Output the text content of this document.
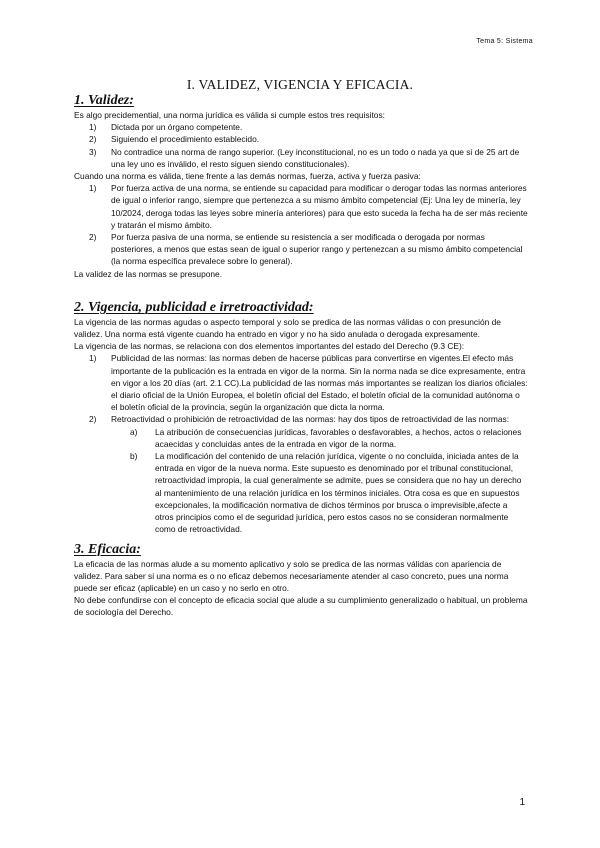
Tema 5: Sistema
I. VALIDEZ, VIGENCIA Y EFICACIA.
1. Validez:

Es algo precidemential, una norma jurídica es válida si cumple estos tres requisitos:

1) Dictada por un órgano competente.
2) Siguiendo el procedimiento establecido.
3) No contradice una norma de rango superior. (Ley inconstitucional, no es un todo o nada ya que si de 25 art de una ley uno es inválido, el resto siguen siendo constitucionales).

Cuando una norma es válida, tiene frente a las demás normas, fuerza, activa y fuerza pasiva:

1) Por fuerza activa de una norma, se entiende su capacidad para modificar o derogar todas las normas anteriores de igual o inferior rango, siempre que pertenezca a su mismo ámbito competencial (Ej: Una ley de minería, ley 10/2024, deroga todas las leyes sobre minería anteriores) para que esto suceda la fecha ha de ser más reciente y tratarán el mismo ámbito.
2) Por fuerza pasiva de una norma, se entiende su resistencia a ser modificada o derogada por normas posteriores, a menos que estas sean de igual o superior rango y pertenezcan a su mismo ámbito competencial (la norma específica prevalece sobre lo general).

La validez de las normas se presupone.

2. Vigencia, publicidad e irretroactividad:

La vigencia de las normas agudas o aspecto temporal y solo se predica de las normas válidas o con presunción de validez. Una norma está vigente cuando ha entrado en vigor y no ha sido anulada o derogada expresamente.

La vigencia de las normas, se relaciona con dos elementos importantes del estado del Derecho (9.3 CE):

1) Publicidad de las normas: las normas deben de hacerse públicas para convertirse en vigentes.El efecto más importante de la publicación es la entrada en vigor de la norma. Sin la norma nada se dice expresamente, entra en vigor a los 20 días (art. 2.1 CC).La publicidad de las normas más importantes se realizan los diarios oficiales: el diario oficial de la Unión Europea, el boletín oficial del Estado, el boletín oficial de la comunidad autónoma o el boletín oficial de la provincia, según la organización que dicta la norma.
2) Retroactividad o prohibición de retroactividad de las normas: hay dos tipos de retroactividad de las normas:
a) La atribución de consecuencias jurídicas, favorables o desfavorables, a hechos, actos o relaciones acaecidas y concluidas antes de la entrada en vigor de la norma.
b) La modificación del contenido de una relación jurídica, vigente o no concluida, iniciada antes de la entrada en vigor de la nueva norma. Este supuesto es denominado por el tribunal constitucional, retroactividad impropia, la cual generalmente se admite, pues se considera que no hay un derecho al mantenimiento de una relación jurídica en los términos iniciales. Otra cosa es que en supuestos excepcionales, la modificación normativa de dichos términos por brusca o imprevisible,afecte a otros principios como el de seguridad jurídica, pero estos casos no se consideran normalmente como de retroactividad.
3. Eficacia:

La eficacia de las normas alude a su momento aplicativo y solo se predica de las normas válidas con apariencia de validez. Para saber si una norma es o no eficaz debemos necesariamente atender al caso concreto, pues una norma puede ser eficaz (aplicable) en un caso y no serlo en otro.

No debe confundirse con el concepto de eficacia social que alude a su cumplimiento generalizado o habitual, un problema de sociología del Derecho.

1
